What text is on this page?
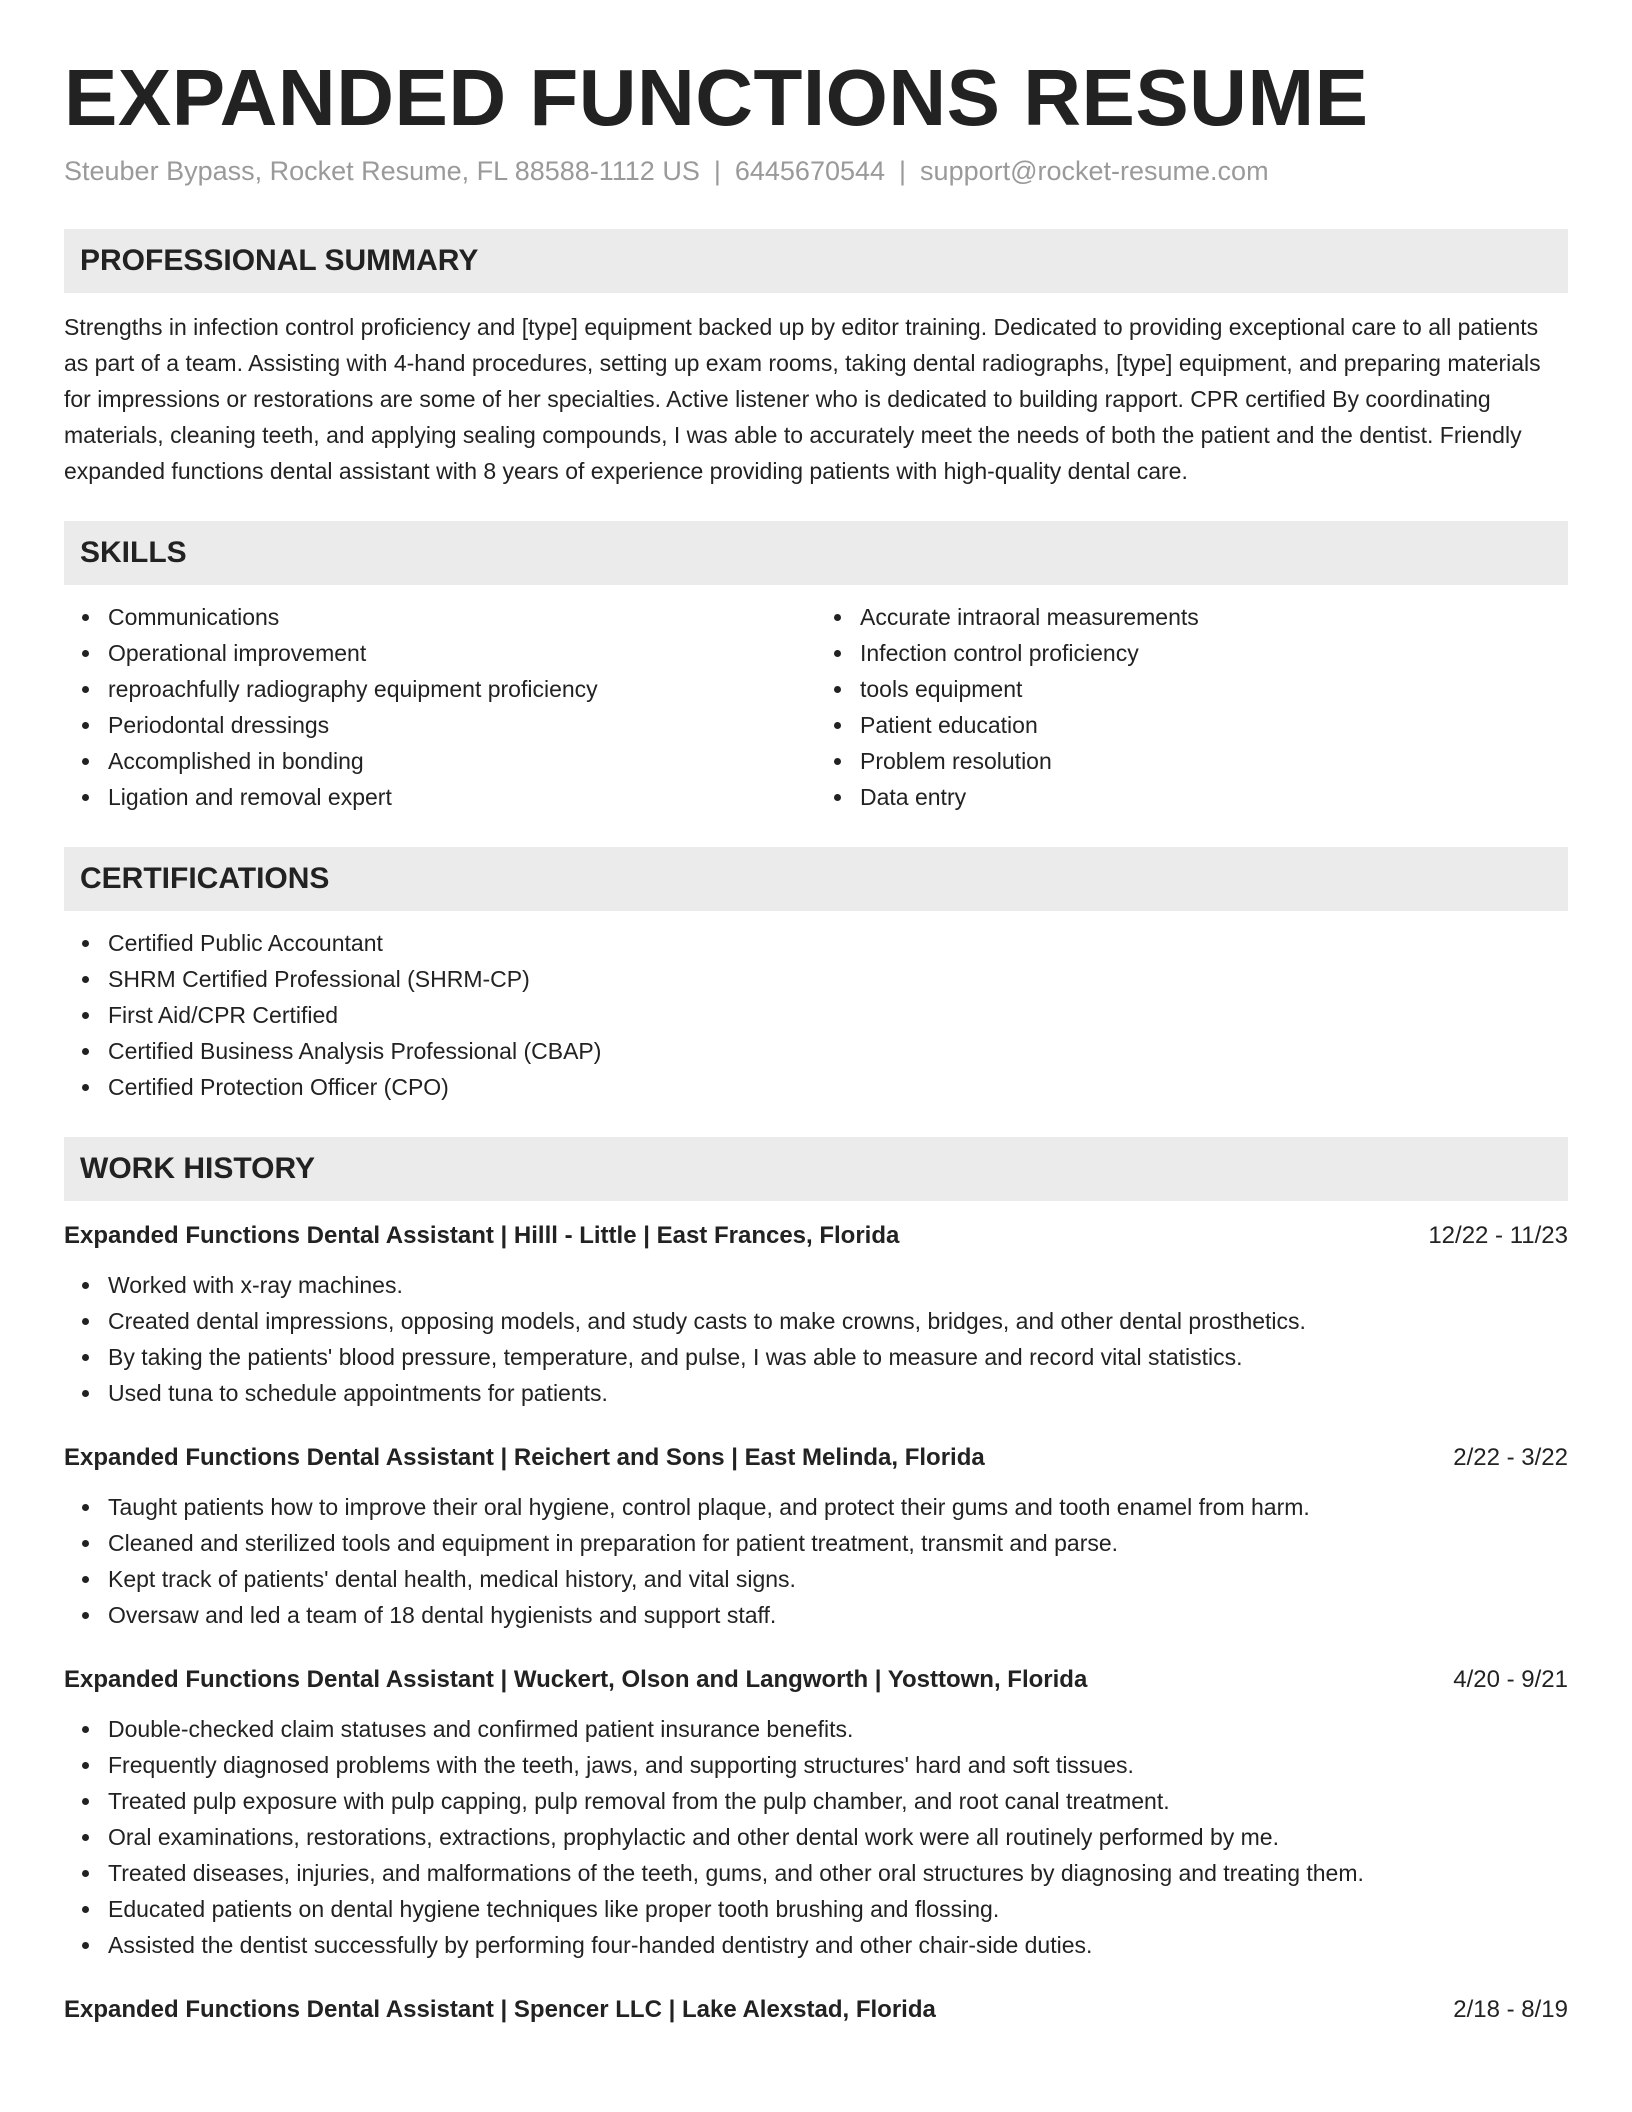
EXPANDED FUNCTIONS RESUME
Steuber Bypass, Rocket Resume, FL 88588-1112 US | 6445670544 | support@rocket-resume.com
PROFESSIONAL SUMMARY

Strengths in infection control proficiency and [type] equipment backed up by editor training. Dedicated to providing exceptional care to all patients as part of a team. Assisting with 4-hand procedures, setting up exam rooms, taking dental radiographs, [type] equipment, and preparing materials for impressions or restorations are some of her specialties. Active listener who is dedicated to building rapport. CPR certified By coordinating materials, cleaning teeth, and applying sealing compounds, I was able to accurately meet the needs of both the patient and the dentist. Friendly expanded functions dental assistant with 8 years of experience providing patients with high-quality dental care.

SKILLS
Communications
Operational improvement
reproachfully radiography equipment proficiency
Periodontal dressings
Accomplished in bonding
Ligation and removal expert
Accurate intraoral measurements
Infection control proficiency
tools equipment
Patient education
Problem resolution
Data entry
CERTIFICATIONS
Certified Public Accountant
SHRM Certified Professional (SHRM-CP)
First Aid/CPR Certified
Certified Business Analysis Professional (CBAP)
Certified Protection Officer (CPO)
WORK HISTORY
Expanded Functions Dental Assistant | Hilll - Little | East Frances, Florida	12/22 - 11/23
Worked with x-ray machines.
Created dental impressions, opposing models, and study casts to make crowns, bridges, and other dental prosthetics.
By taking the patients' blood pressure, temperature, and pulse, I was able to measure and record vital statistics.
Used tuna to schedule appointments for patients.
Expanded Functions Dental Assistant | Reichert and Sons | East Melinda, Florida	2/22 - 3/22
Taught patients how to improve their oral hygiene, control plaque, and protect their gums and tooth enamel from harm.
Cleaned and sterilized tools and equipment in preparation for patient treatment, transmit and parse.
Kept track of patients' dental health, medical history, and vital signs.
Oversaw and led a team of 18 dental hygienists and support staff.
Expanded Functions Dental Assistant | Wuckert, Olson and Langworth | Yosttown, Florida	4/20 - 9/21
Double-checked claim statuses and confirmed patient insurance benefits.
Frequently diagnosed problems with the teeth, jaws, and supporting structures' hard and soft tissues.
Treated pulp exposure with pulp capping, pulp removal from the pulp chamber, and root canal treatment.
Oral examinations, restorations, extractions, prophylactic and other dental work were all routinely performed by me.
Treated diseases, injuries, and malformations of the teeth, gums, and other oral structures by diagnosing and treating them.
Educated patients on dental hygiene techniques like proper tooth brushing and flossing.
Assisted the dentist successfully by performing four-handed dentistry and other chair-side duties.
Expanded Functions Dental Assistant | Spencer LLC | Lake Alexstad, Florida	2/18 - 8/19
